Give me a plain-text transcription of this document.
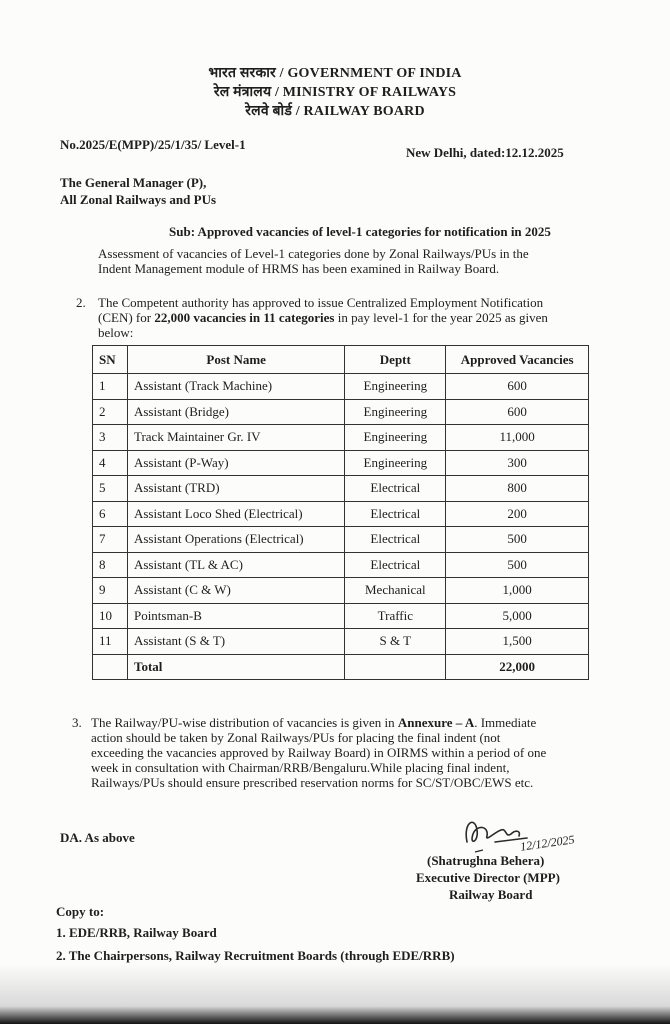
भारत सरकार / GOVERNMENT OF INDIA
रेल मंत्रालय / MINISTRY OF RAILWAYS
रेलवे बोर्ड / RAILWAY BOARD
No.2025/E(MPP)/25/1/35/ Level-1
New Delhi, dated:12.12.2025
The General Manager (P),
All Zonal Railways and PUs
Sub: Approved vacancies of level-1 categories for notification in 2025
Assessment of vacancies of Level-1 categories done by Zonal Railways/PUs in the
Indent Management module of HRMS has been examined in Railway Board.
2. The Competent authority has approved to issue Centralized Employment Notification
(CEN) for 22,000 vacancies in 11 categories in pay level-1 for the year 2025 as given
below:
SN	Post Name	Deptt	Approved Vacancies
1	Assistant (Track Machine)	Engineering	600
2	Assistant (Bridge)	Engineering	600
3	Track Maintainer Gr. IV	Engineering	11,000
4	Assistant (P-Way)	Engineering	300
5	Assistant (TRD)	Electrical	800
6	Assistant Loco Shed (Electrical)	Electrical	200
7	Assistant Operations (Electrical)	Electrical	500
8	Assistant (TL & AC)	Electrical	500
9	Assistant (C & W)	Mechanical	1,000
10	Pointsman-B	Traffic	5,000
11	Assistant (S & T)	S & T	1,500
	Total		22,000
3. The Railway/PU-wise distribution of vacancies is given in Annexure – A. Immediate
action should be taken by Zonal Railways/PUs for placing the final indent (not
exceeding the vacancies approved by Railway Board) in OIRMS within a period of one
week in consultation with Chairman/RRB/Bengaluru.While placing final indent,
Railways/PUs should ensure prescribed reservation norms for SC/ST/OBC/EWS etc.
DA. As above	12/12/2025
(Shatrughna Behera)
Executive Director (MPP)
Railway Board
Copy to:
1. EDE/RRB, Railway Board
2. The Chairpersons, Railway Recruitment Boards (through EDE/RRB)
